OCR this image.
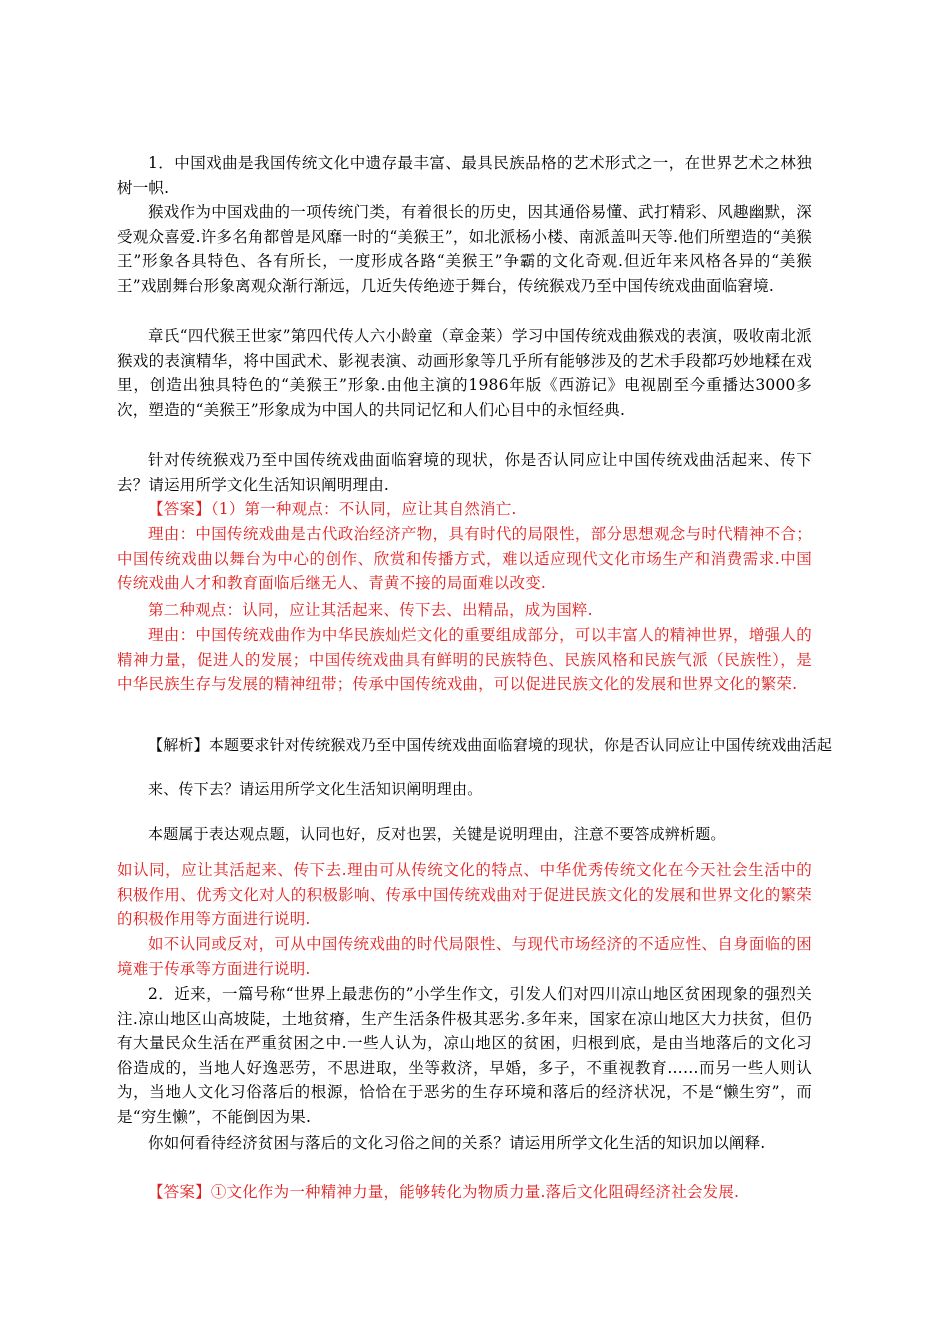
1．中国戏曲是我国传统文化中遗存最丰富、最具民族品格的艺术形式之一，在世界艺术之林独树一帜.

猴戏作为中国戏曲的一项传统门类，有着很长的历史，因其通俗易懂、武打精彩、风趣幽默，深受观众喜爱.许多名角都曾是风靡一时的“美猴王”，如北派杨小楼、南派盖叫天等.他们所塑造的“美猴王”形象各具特色、各有所长，一度形成各路“美猴王”争霸的文化奇观.但近年来风格各异的“美猴王”戏剧舞台形象离观众渐行渐远，几近失传绝迹于舞台，传统猴戏乃至中国传统戏曲面临窘境.

章氏“四代猴王世家”第四代传人六小龄童（章金莱）学习中国传统戏曲猴戏的表演，吸收南北派猴戏的表演精华，将中国武术、影视表演、动画形象等几乎所有能够涉及的艺术手段都巧妙地糅在戏里，创造出独具特色的“美猴王”形象.由他主演的1986年版《西游记》电视剧至今重播达3000多次，塑造的“美猴王”形象成为中国人的共同记忆和人们心目中的永恒经典.

针对传统猴戏乃至中国传统戏曲面临窘境的现状，你是否认同应让中国传统戏曲活起来、传下去？请运用所学文化生活知识阐明理由.

【答案】（1）第一种观点：不认同，应让其自然消亡.

理由：中国传统戏曲是古代政治经济产物，具有时代的局限性，部分思想观念与时代精神不合；中国传统戏曲以舞台为中心的创作、欣赏和传播方式，难以适应现代文化市场生产和消费需求.中国传统戏曲人才和教育面临后继无人、青黄不接的局面难以改变.

第二种观点：认同，应让其活起来、传下去、出精品，成为国粹.

理由：中国传统戏曲作为中华民族灿烂文化的重要组成部分，可以丰富人的精神世界，增强人的精神力量，促进人的发展；中国传统戏曲具有鲜明的民族特色、民族风格和民族气派（民族性），是中华民族生存与发展的精神纽带；传承中国传统戏曲，可以促进民族文化的发展和世界文化的繁荣.

【解析】本题要求针对传统猴戏乃至中国传统戏曲面临窘境的现状，你是否认同应让中国传统戏曲活起

来、传下去？请运用所学文化生活知识阐明理由。

本题属于表达观点题，认同也好，反对也罢，关键是说明理由，注意不要答成辨析题。

如认同，应让其活起来、传下去.理由可从传统文化的特点、中华优秀传统文化在今天社会生活中的积极作用、优秀文化对人的积极影响、传承中国传统戏曲对于促进民族文化的发展和世界文化的繁荣的积极作用等方面进行说明.

如不认同或反对，可从中国传统戏曲的时代局限性、与现代市场经济的不适应性、自身面临的困境难于传承等方面进行说明.

2．近来，一篇号称“世界上最悲伤的”小学生作文，引发人们对四川凉山地区贫困现象的强烈关注.凉山地区山高坡陡，土地贫瘠，生产生活条件极其恶劣.多年来，国家在凉山地区大力扶贫，但仍有大量民众生活在严重贫困之中.一些人认为，凉山地区的贫困，归根到底，是由当地落后的文化习俗造成的，当地人好逸恶劳，不思进取，坐等救济，早婚，多子，不重视教育……而另一些人则认为，当地人文化习俗落后的根源，恰恰在于恶劣的生存环境和落后的经济状况，不是“懒生穷”，而是“穷生懒”，不能倒因为果.

你如何看待经济贫困与落后的文化习俗之间的关系？请运用所学文化生活的知识加以阐释.

【答案】①文化作为一种精神力量，能够转化为物质力量.落后文化阻碍经济社会发展.
